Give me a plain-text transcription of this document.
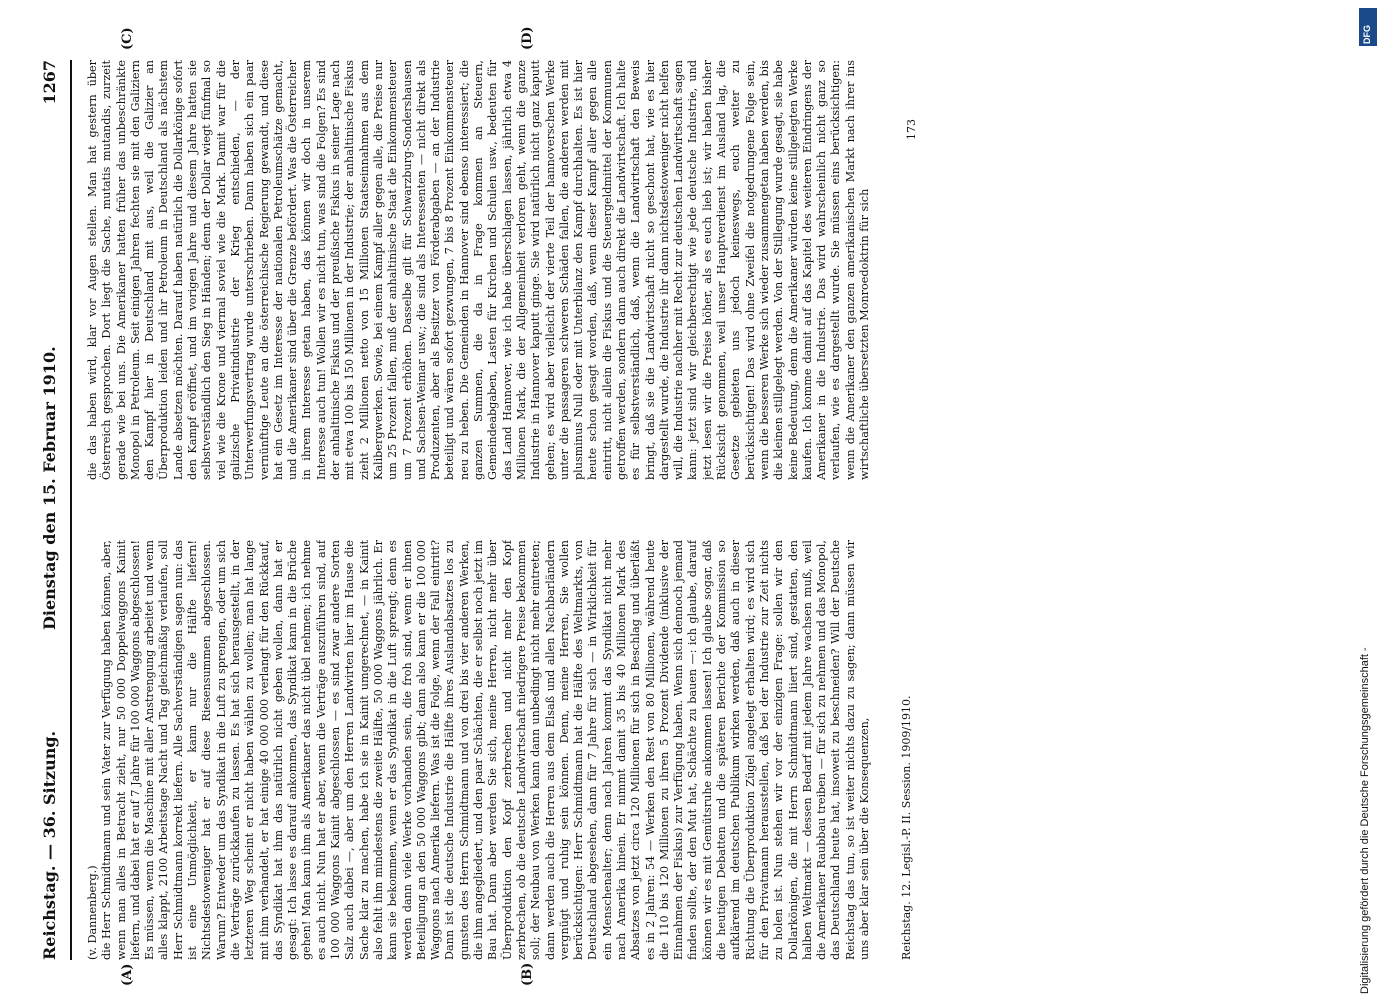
Reichstag. — 36. Sitzung.
Dienstag den 15. Februar 1910.
1267
(A)	(B)
(C)	(D)
(v. Dannenberg.) die Herr Schmidtmann und sein Vater zur Verfügung haben können, aber, wenn man alles in Betracht zieht, nur 50 000 Doppelwaggons Kainit liefern, und dabei hat er auf 7 Jahre für 100 000 Waggons abgeschlossen! Es müssen, wenn die Maschine mit aller Anstrengung arbeitet und wenn alles klappt, 2100 Arbeitstage Nacht und Tag gleichmäßig verlaufen, soll Herr Schmidtmann korrekt liefern. Alle Sachverständigen sagen nun: das ist eine Unmöglichkeit, er kann nur die Hälfte liefern! Nichtsdestoweniger hat er auf diese Riesensummen abgeschlossen. Warum? Entweder um das Syndikat in die Luft zu sprengen, oder um sich die Verträge zurückkaufen zu lassen. Es hat sich herausgestellt, in der letzteren Weg scheint er nicht haben wählen zu wollen; man hat lange mit ihm verhandelt, er hat einige 40 000 000 verlangt für den Rückkauf, das Syndikat hat ihm das natürlich nicht geben wollen, dann hat er gesagt: Ich lasse es darauf ankommen, das Syndikat kann in die Brüche gehen! Man kann ihm als Amerikaner das nicht übel nehmen; ich nehme es auch nicht. Nun hat er aber, wenn die Verträge auszuführen sind, auf 100 000 Waggons Kainit abgeschlossen — es sind zwar andere Sorten Salz auch dabei —, aber um den Herren Landwirten hier im Hause die Sache klar zu machen, habe ich sie in Kainit umgerechnet, — in Kainit also fehlt ihm mindestens die zweite Hälfte, 50 000 Waggons jährlich. Er kann sie bekommen, wenn er das Syndikat in die Luft sprengt; denn es werden dann viele Werke vorhanden sein, die froh sind, wenn er ihnen Beteiligung an den 50 000 Waggons gibt; dann also kann er die 100 000 Waggons nach Amerika liefern. Was ist die Folge, wenn der Fall eintritt? Dann ist die deutsche Industrie die Hälfte ihres Auslandabsatzes los zu gunsten des Herrn Schmidtmann und von drei bis vier anderen Werken, die ihm angegliedert, und den paar Schächten, die er selbst noch jetzt im Bau hat. Dann aber werden Sie sich, meine Herren, nicht mehr über Überproduktion den Kopf zerbrechen und nicht mehr den Kopf zerbrechen, ob die deutsche Landwirtschaft niedrigere Preise bekommen soll; der Neubau von Werken kann dann unbedingt nicht mehr eintreten; dann werden auch die Herren aus dem Elsaß und allen Nachbarländern vergnügt und ruhig sein können. Denn, meine Herren, Sie wollen berücksichtigen: Herr Schmidtmann hat die Hälfte des Weltmarkts, von Deutschland abgesehen, dann für 7 Jahre für sich — in Wirklichkeit für ein Menschenalter; denn nach Jahren kommt das Syndikat nicht mehr nach Amerika hinein. Er nimmt damit 35 bis 40 Millionen Mark des Absatzes von jetzt circa 120 Millionen für sich in Beschlag und überläßt es in 2 Jahren: 54 — Werken den Rest von 80 Millionen, während heute die 110 bis 120 Millionen zu ihren 5 Prozent Dividende (inklusive der Einnahmen der Fiskus) zur Verfügung haben. Wenn sich dennoch jemand finden sollte, der den Mut hat, Schächte zu bauen —: ich glaube, darauf können wir es mit Gemütsruhe ankommen lassen! Ich glaube sogar, daß die heutigen Debatten und die späteren Berichte der Kommission so aufklärend im deutschen Publikum wirken werden, daß auch in dieser Richtung die Überproduktion Zügel angelegt erhalten wird; es wird sich für den Privatmann herausstellen, daß bei der Industrie zur Zeit nichts zu holen ist. Nun stehen wir vor der einzigen Frage: sollen wir den Dollarkönigen, die mit Herrn Schmidtmann liiert sind, gestatten, den halben Weltmarkt — dessen Bedarf mit jedem Jahre wachsen muß, weil die Amerikaner Raubbau treiben — für sich zu nehmen und das Monopol, das Deutschland heute hat, insoweit zu beschneiden? Will der Deutsche Reichstag das tun, so ist weiter nichts dazu zu sagen; dann müssen wir uns aber klar sein über die Konsequenzen,
die das haben wird, klar vor Augen stellen. Man hat gestern über Österreich gesprochen. Dort liegt die Sache, mutatis mutandis, zurzeit gerade wie bei uns. Die Amerikaner hatten früher das unbeschränkte Monopol in Petroleum. Seit einigen Jahren fechten sie mit den Galiziern den Kampf hier in Deutschland mit aus, weil die Galizier an Überproduktion leiden und ihr Petroleum in Deutschland als nächstem Lande absetzen möchten. Darauf haben natürlich die Dollarkönige sofort den Kampf eröffnet, und im vorigen Jahre und diesem Jahre hatten sie selbstverständlich den Sieg in Händen; denn der Dollar wiegt fünfmal so viel wie die Krone und viermal soviel wie die Mark. Damit war für die galizische Privatindustrie der Krieg entschieden, — der Unterwerfungsvertrag wurde unterschrieben. Dann haben sich ein paar vernünftige Leute an die österreichische Regierung gewandt, und diese hat ein Gesetz im Interesse der nationalen Petroleumschätze gemacht, und die Amerikaner sind über die Grenze befördert. Was die Österreicher in ihrem Interesse getan haben, das können wir doch in unserem Interesse auch tun! Wollen wir es nicht tun, was sind die Folgen? Es sind der anhaltinische Fiskus und der preußische Fiskus in seiner Lage nach mit etwa 100 bis 150 Millionen in der Industrie; der anhaltinische Fiskus zieht 2 Millionen netto von 15 Millionen Staatseinnahmen aus dem Kalibergwerken. Sowie, bei einem Kampf aller gegen alle, die Preise nur um 25 Prozent fallen, muß der anhaltinische Staat die Einkommensteuer um 7 Prozent erhöhen. Dasselbe gilt für Schwarzburg-Sondershausen und Sachsen-Weimar usw.; die sind als Interessenten — nicht direkt als Produzenten, aber als Besitzer von Förderabgaben — an der Industrie beteiligt und wären sofort gezwungen, 7 bis 8 Prozent Einkommensteuer neu zu heben. Die Gemeinden in Hannover sind ebenso interessiert; die ganzen Summen, die da in Frage kommen an Steuern, Gemeindeabgaben, Lasten für Kirchen und Schulen usw., bedeuten für das Land Hannover, wie ich habe überschlagen lassen, jährlich etwa 4 Millionen Mark, die der Allgemeinheit verloren geht, wenn die ganze Industrie in Hannover kaputt ginge. Sie wird natürlich nicht ganz kaputt gehen; es wird aber vielleicht der vierte Teil der hannoverschen Werke unter die passageren schweren Schäden fallen, die anderen werden mit plusminus Null oder mit Unterbilanz den Kampf durchhalten. Es ist hier heute schon gesagt worden, daß, wenn dieser Kampf aller gegen alle eintritt, nicht allein die Fiskus und die Steuergeldmittel der Kommunen getroffen werden, sondern dann auch direkt die Landwirtschaft. Ich halte es für selbstverständlich, daß, wenn die Landwirtschaft den Beweis bringt, daß sie die Landwirtschaft nicht so geschont hat, wie es hier dargestellt wurde, die Industrie ihr dann nichtsdestoweniger nicht helfen will, die Industrie nachher mit Recht zur deutschen Landwirtschaft sagen kann: jetzt sind wir gleichberechtigt wie jede deutsche Industrie, und jetzt lesen wir die Preise höher, als es euch lieb ist; wir haben bisher Rücksicht genommen, weil unser Hauptverdienst im Ausland lag, die Gesetze gebieten uns jedoch keineswegs, euch weiter zu berücksichtigen! Das wird ohne Zweifel die notgedrungene Folge sein, wenn die besseren Werke sich wieder zusammengetan haben werden, bis die kleinen stillgelegt werden. Von der Stillegung wurde gesagt, sie habe keine Bedeutung, denn die Amerikaner würden keine stillgelegten Werke kaufen. Ich komme damit auf das Kapitel des weiteren Eindringens der Amerikaner in die Industrie. Das wird wahrscheinlich nicht ganz so verlaufen, wie es dargestellt wurde. Sie müssen eins berücksichtigen: wenn die Amerikaner den ganzen amerikanischen Markt nach ihrer ins wirtschaftliche übersetzten Monroedoktrin für sich
Reichstag. 12. Legisl.-P. II. Session. 1909/1910.
173
Digitalisierung gefördert durch die Deutsche Forschungsgemeinschaft -
DFG
